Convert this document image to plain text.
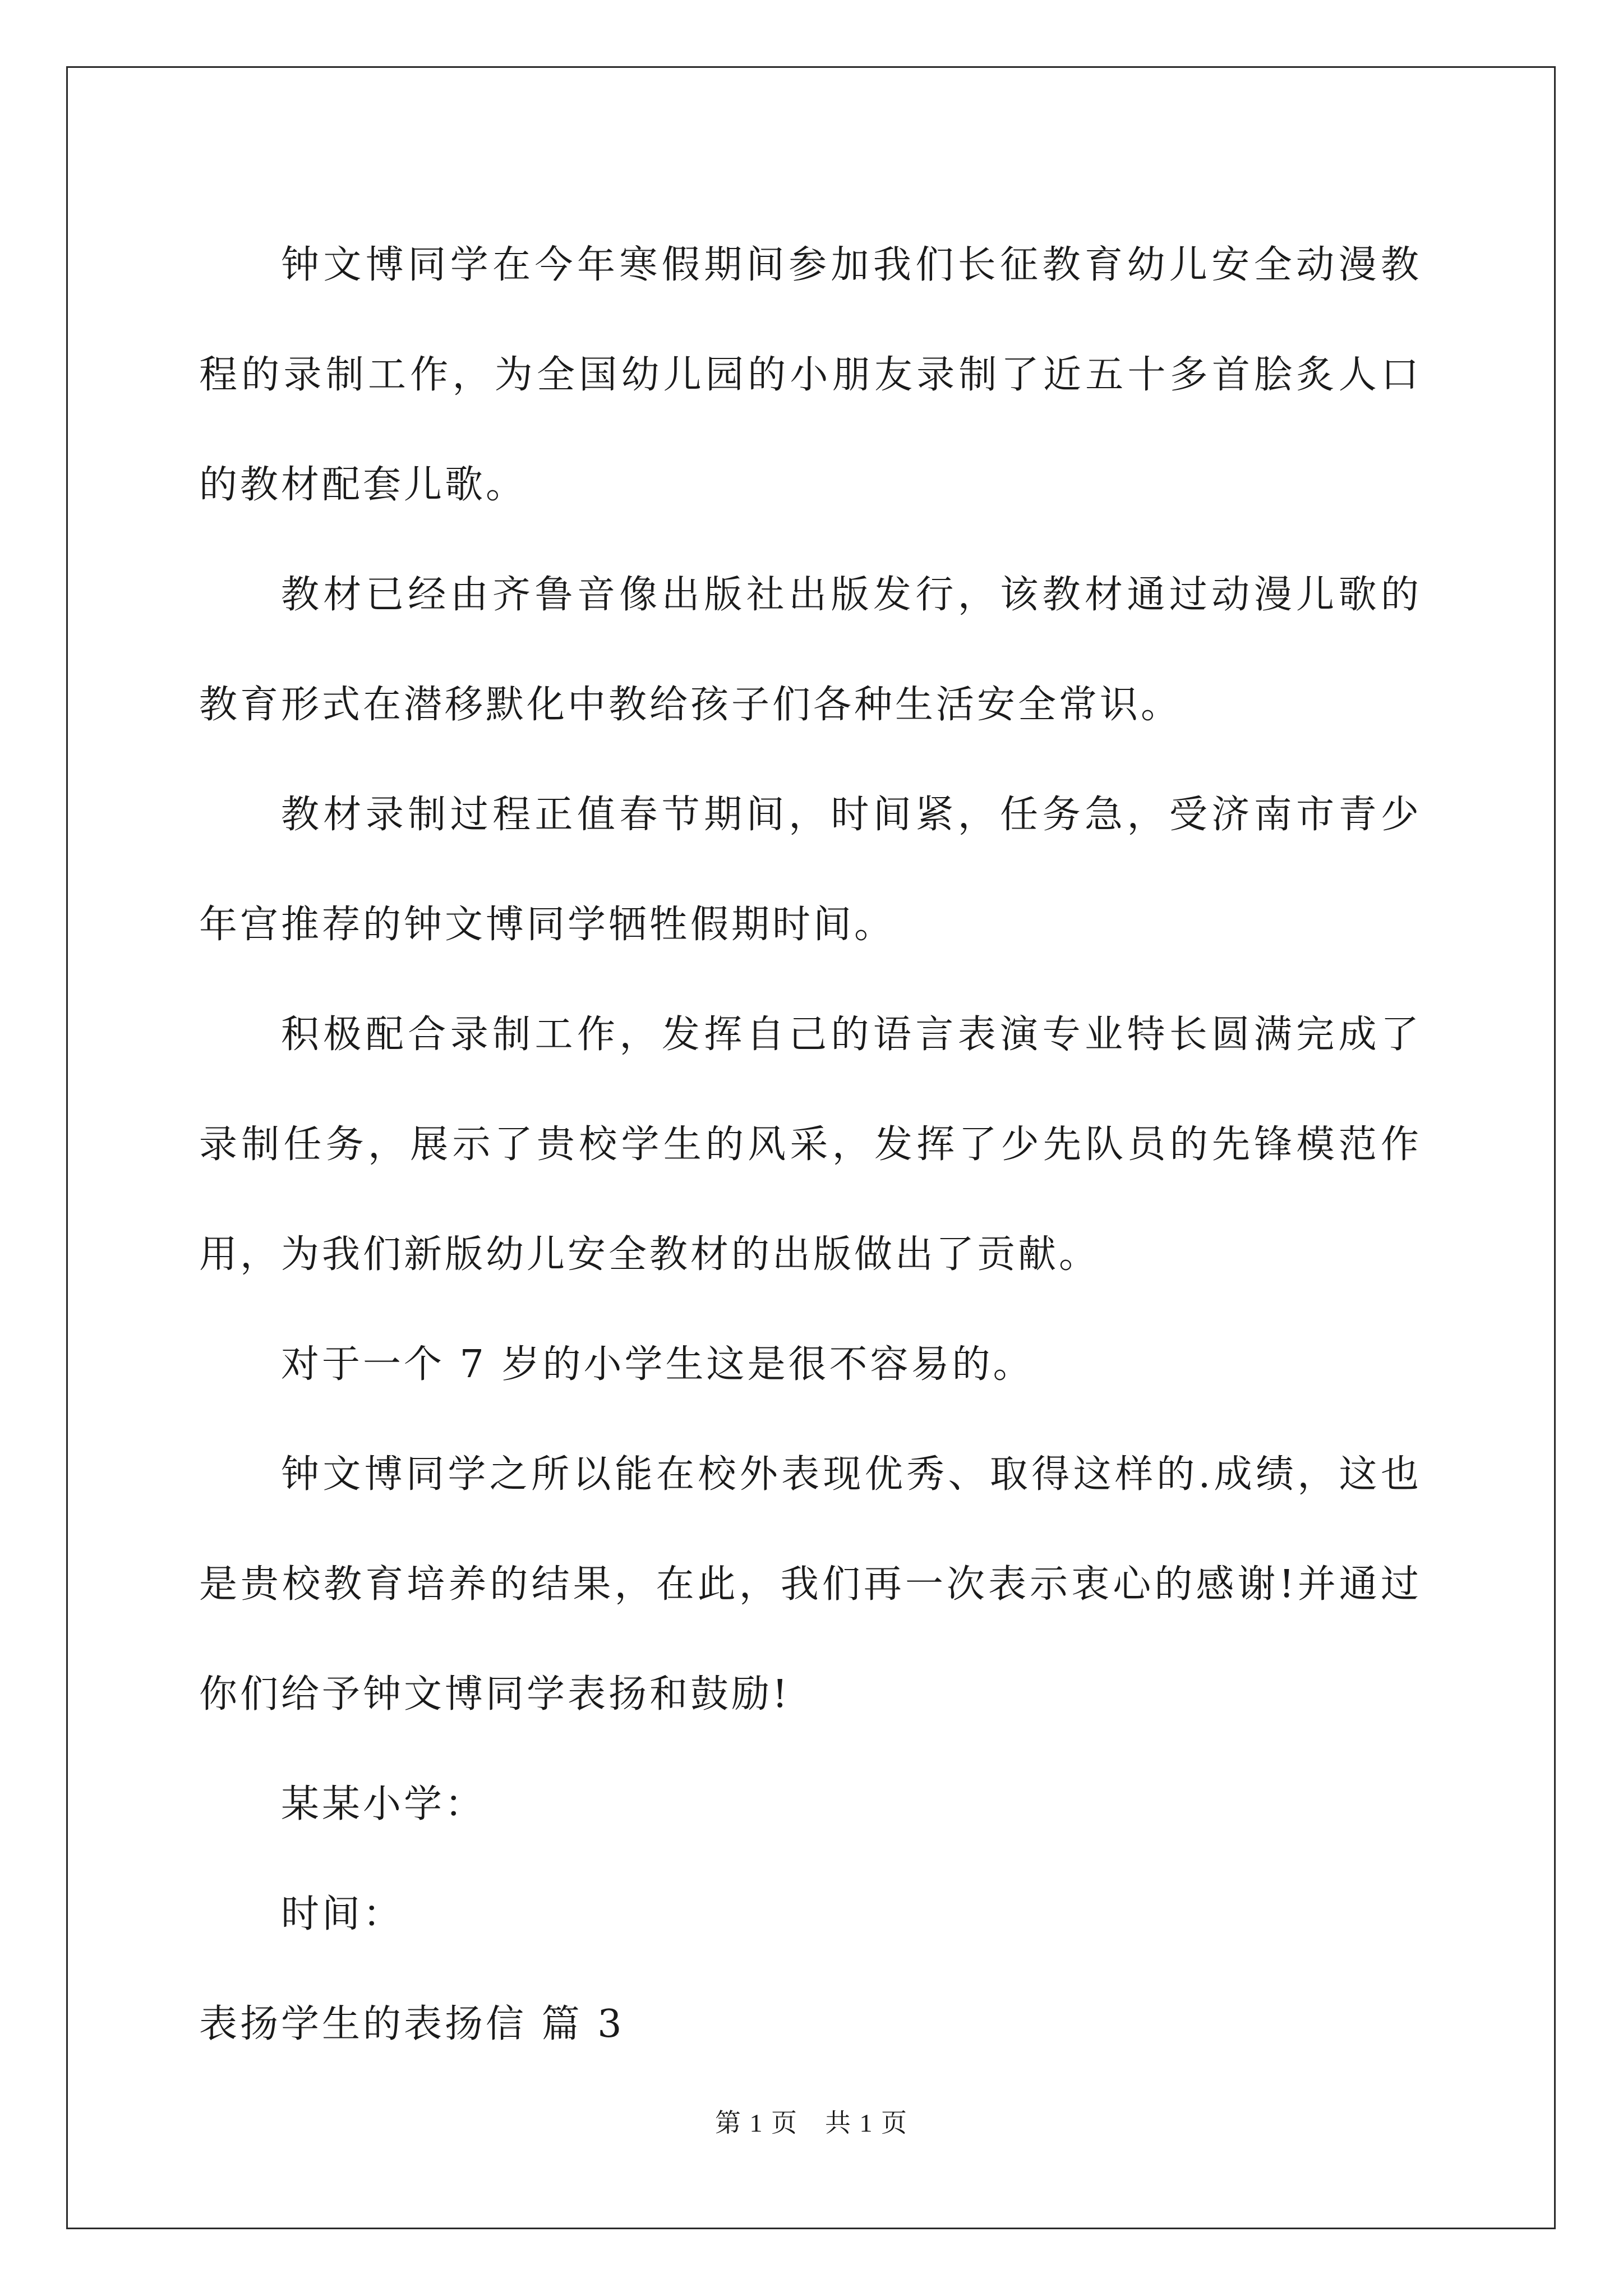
钟文博同学在今年寒假期间参加我们长征教育幼儿安全动漫教程的录制工作，为全国幼儿园的小朋友录制了近五十多首脍炙人口的教材配套儿歌。

教材已经由齐鲁音像出版社出版发行，该教材通过动漫儿歌的教育形式在潜移默化中教给孩子们各种生活安全常识。

教材录制过程正值春节期间，时间紧，任务急，受济南市青少年宫推荐的钟文博同学牺牲假期时间。

积极配合录制工作，发挥自己的语言表演专业特长圆满完成了录制任务，展示了贵校学生的风采，发挥了少先队员的先锋模范作用，为我们新版幼儿安全教材的出版做出了贡献。

对于一个 7 岁的小学生这是很不容易的。

钟文博同学之所以能在校外表现优秀、取得这样的.成绩，这也是贵校教育培养的结果，在此，我们再一次表示衷心的感谢!并通过你们给予钟文博同学表扬和鼓励!

某某小学：

时间：

表扬学生的表扬信 篇 3

第 1 页 共 1 页
